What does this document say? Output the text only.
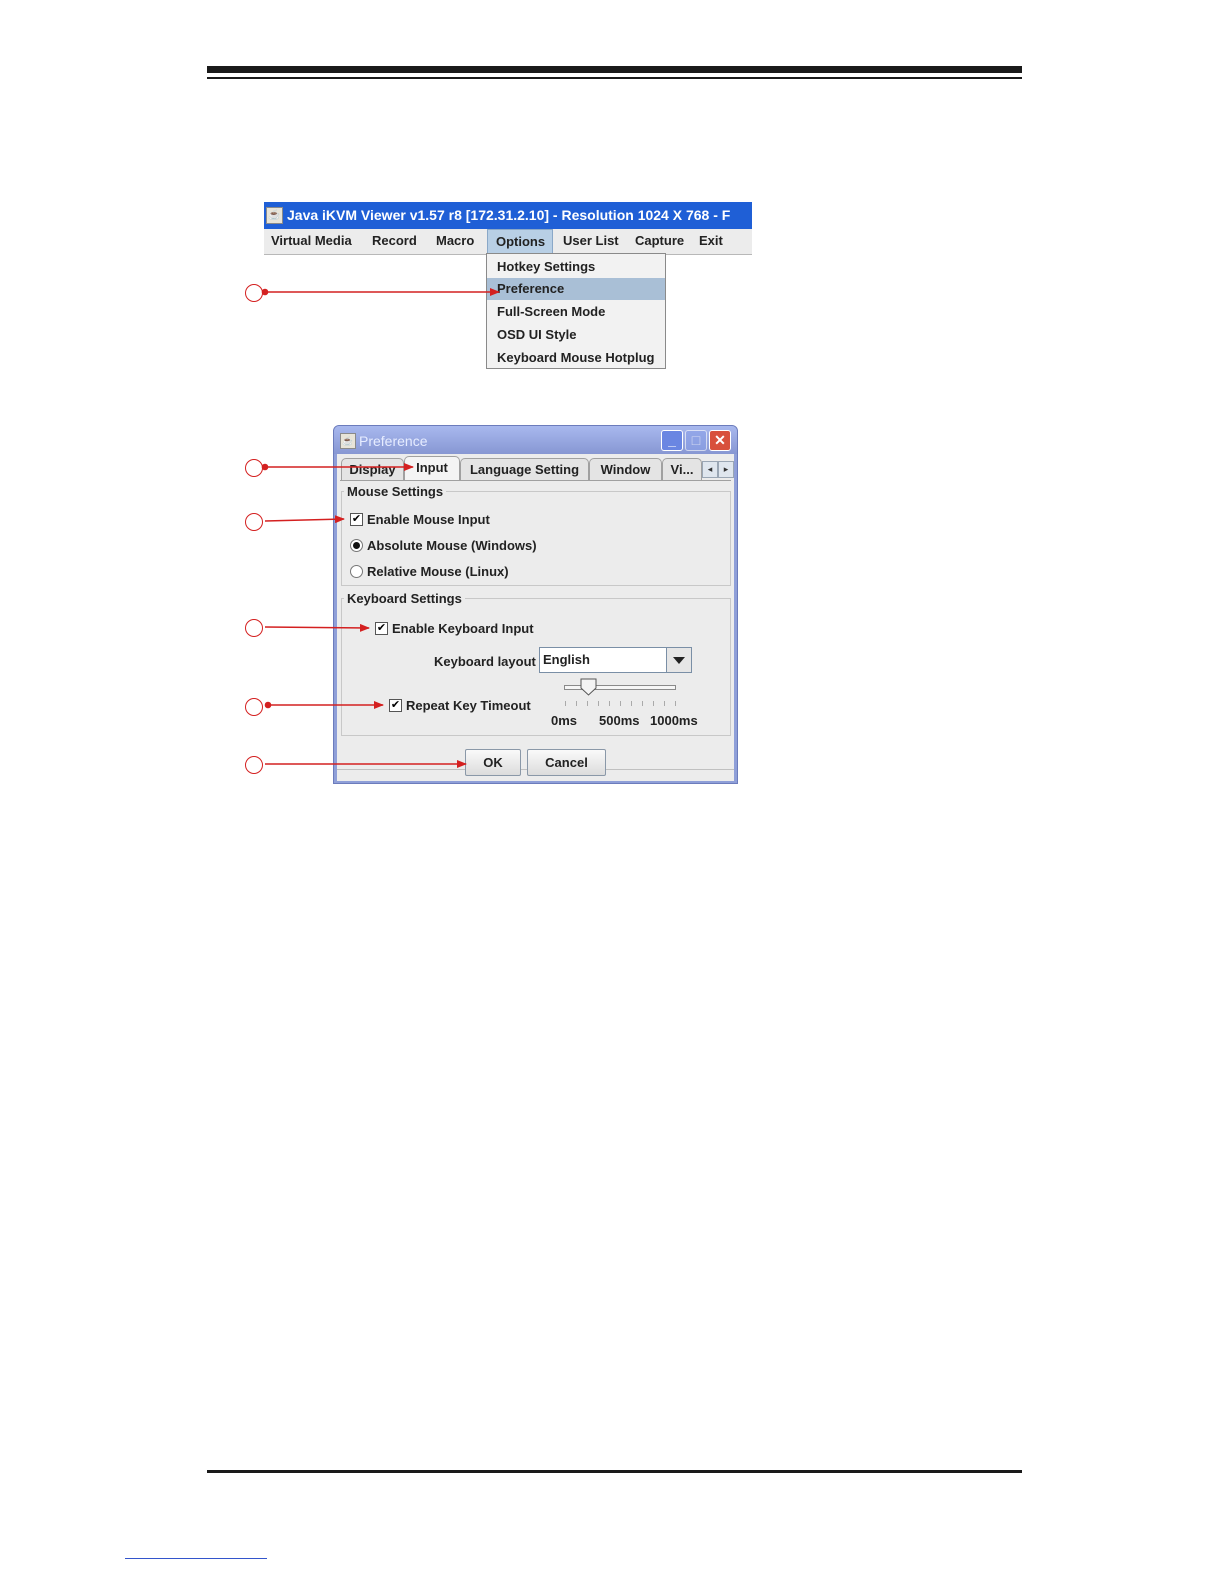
☕ Java iKVM Viewer v1.57 r8 [172.31.2.10] - Resolution 1024 X 768 - F
Virtual Media Record Macro	Options	User List Capture Exit
Hotkey Settings
Preference
Full-Screen Mode
OSD UI Style
Keyboard Mouse Hotplug
☕ Preference	_	□ ✕
Display	Input	Language Setting	Window	Vi...	◂	▸
Mouse Settings
✔ Enable Mouse Input
Absolute Mouse (Windows)
Relative Mouse (Linux)
Keyboard Settings
✔ Enable Keyboard Input
Keyboard layout English
✔ Repeat Key Timeout
0ms 500ms 1000ms
OK	Cancel
